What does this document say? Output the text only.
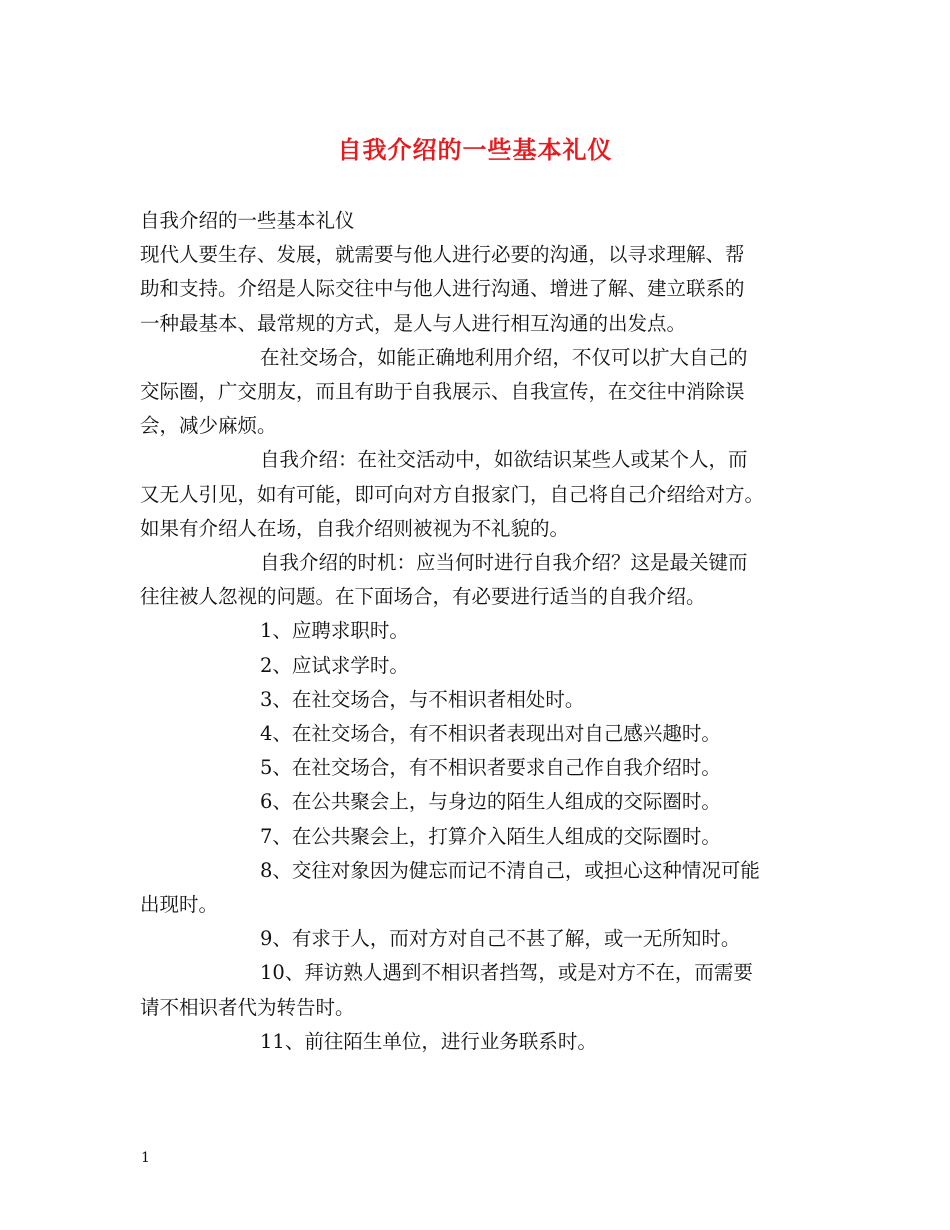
自我介绍的一些基本礼仪

自我介绍的一些基本礼仪

现代人要生存、发展，就需要与他人进行必要的沟通，以寻求理解、帮

助和支持。介绍是人际交往中与他人进行沟通、增进了解、建立联系的

一种最基本、最常规的方式，是人与人进行相互沟通的出发点。

在社交场合，如能正确地利用介绍，不仅可以扩大自己的

交际圈，广交朋友，而且有助于自我展示、自我宣传，在交往中消除误

会，减少麻烦。

自我介绍：在社交活动中，如欲结识某些人或某个人，而

又无人引见，如有可能，即可向对方自报家门，自己将自己介绍给对方。

如果有介绍人在场，自我介绍则被视为不礼貌的。

自我介绍的时机：应当何时进行自我介绍？这是最关键而

往往被人忽视的问题。在下面场合，有必要进行适当的自我介绍。

1、应聘求职时。

2、应试求学时。

3、在社交场合，与不相识者相处时。

4、在社交场合，有不相识者表现出对自己感兴趣时。

5、在社交场合，有不相识者要求自己作自我介绍时。

6、在公共聚会上，与身边的陌生人组成的交际圈时。

7、在公共聚会上，打算介入陌生人组成的交际圈时。

8、交往对象因为健忘而记不清自己，或担心这种情况可能

出现时。

9、有求于人，而对方对自己不甚了解，或一无所知时。

10、拜访熟人遇到不相识者挡驾，或是对方不在，而需要

请不相识者代为转告时。

11、前往陌生单位，进行业务联系时。

1
